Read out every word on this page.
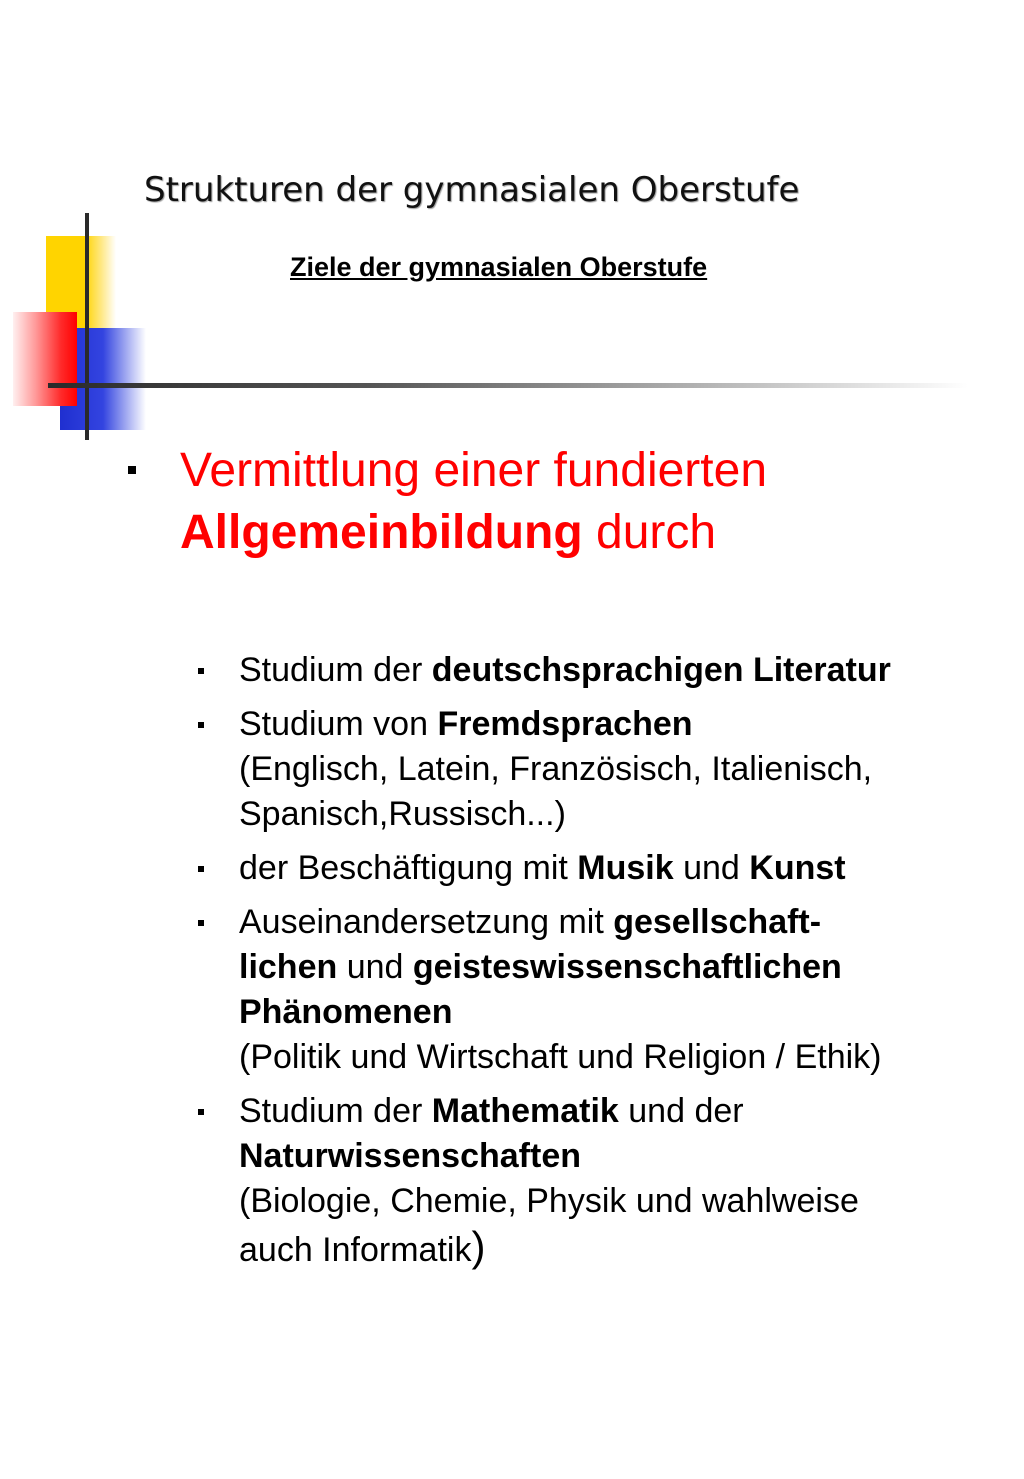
Strukturen der gymnasialen Oberstufe
Ziele der gymnasialen Oberstufe
Vermittlung einer fundierten
Allgemeinbildung durch
Studium der deutschsprachigen Literatur
Studium von Fremdsprachen
(Englisch, Latein, Französisch, Italienisch,
Spanisch,Russisch...)
der Beschäftigung mit Musik und Kunst
Auseinandersetzung mit gesellschaft-
lichen und geisteswissenschaftlichen
Phänomenen
(Politik und Wirtschaft und Religion / Ethik)
Studium der Mathematik und der
Naturwissenschaften
(Biologie, Chemie, Physik und wahlweise
auch Informatik)
